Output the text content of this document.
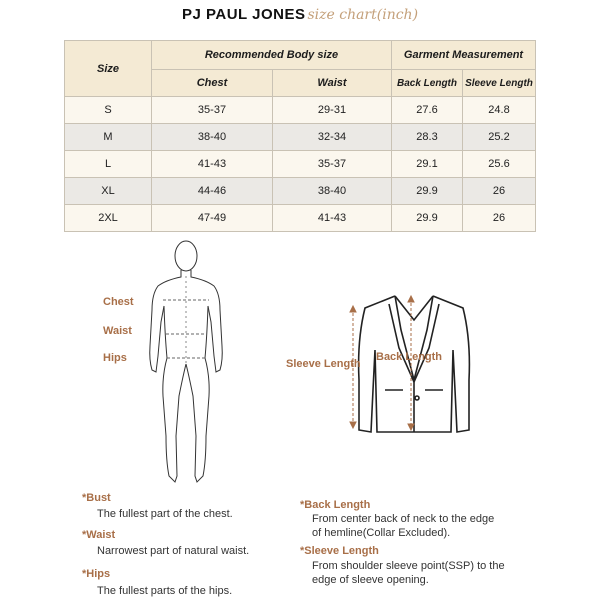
PJ PAUL JONES size chart(inch)
Size	Recommended Body size		Garment Measurement	
	Chest	Waist	Back Length	Sleeve Length
S	35-37	29-31	27.6	24.8
M	38-40	32-34	28.3	25.2
L	41-43	35-37	29.1	25.6
XL	44-46	38-40	29.9	26
2XL	47-49	41-43	29.9	26
Chest
Waist
Hips	Sleeve Length
Back Length
*Bust
The fullest part of the chest.
*Waist
Narrowest part of natural waist.
*Hips
The fullest parts of the hips.
*Back Length
From center back of neck to the edge
of hemline(Collar Excluded).
*Sleeve Length
From shoulder sleeve point(SSP) to the
edge of sleeve opening.
